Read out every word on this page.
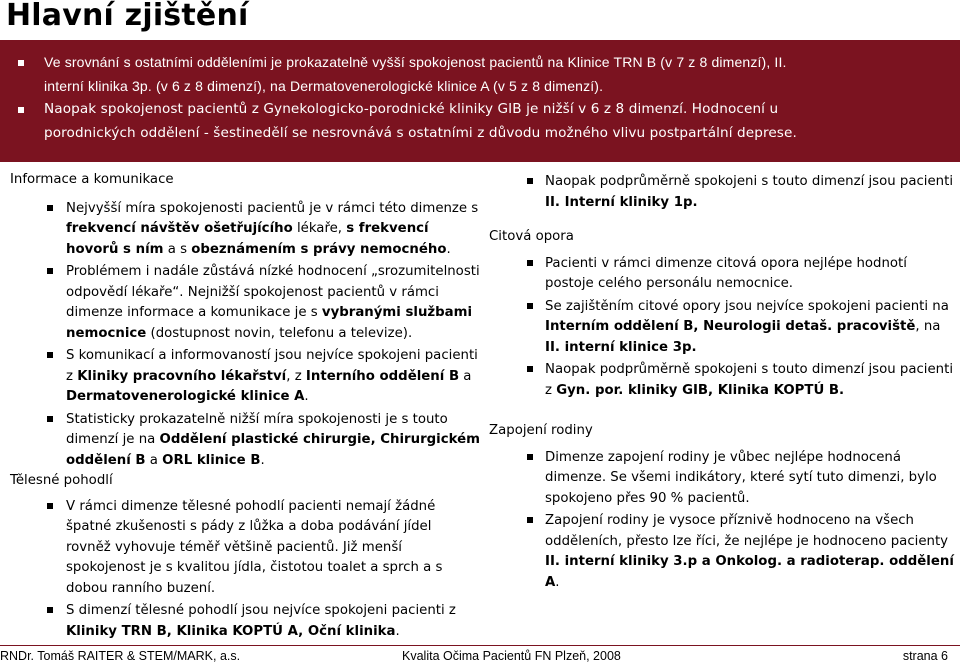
Hlavní zjištění
Ve srovnání s ostatními odděleními je prokazatelně vyšší spokojenost pacientů na Klinice TRN B (v 7 z 8 dimenzí), II.

interní klinika 3p. (v 6 z 8 dimenzí), na Dermatovenerologické klinice A (v 5 z 8 dimenzí).
Naopak spokojenost pacientů z Gynekologicko-porodnické kliniky GIB je nižší v 6 z 8 dimenzí. Hodnocení u

porodnických oddělení - šestinedělí se nesrovnává s ostatními z důvodu možného vlivu postpartální deprese.
Informace a komunikace
Nejvyšší míra spokojenosti pacientů je v rámci této dimenze s frekvencí návštěv ošetřujícího lékaře, s frekvencí hovorů s ním a s obeznámením s právy nemocného.
Problémem i nadále zůstává nízké hodnocení „srozumitelnosti odpovědí lékaře“. Nejnižší spokojenost pacientů v rámci dimenze informace a komunikace je s vybranými službami nemocnice (dostupnost novin, telefonu a televize).
S komunikací a informovaností jsou nejvíce spokojeni pacienti z Kliniky pracovního lékařství, z Interního oddělení B a Dermatovenerologické klinice A.
Statisticky prokazatelně nižší míra spokojenosti je s touto dimenzí je na Oddělení plastické chirurgie, Chirurgickém oddělení B a ORL klinice B.
Tělesné pohodlí
V rámci dimenze tělesné pohodlí pacienti nemají žádné špatné zkušenosti s pády z lůžka a doba podávání jídel rovněž vyhovuje téměř většině pacientů. Již menší spokojenost je s kvalitou jídla, čistotou toalet a sprch a s dobou ranního buzení.
S dimenzí tělesné pohodlí jsou nejvíce spokojeni pacienti z Kliniky TRN B, Klinika KOPTÚ A, Oční klinika.
Naopak podprůměrně spokojeni s touto dimenzí jsou pacienti II. Interní kliniky 1p.
Citová opora
Pacienti v rámci dimenze citová opora nejlépe hodnotí postoje celého personálu nemocnice.
Se zajištěním citové opory jsou nejvíce spokojeni pacienti na Interním oddělení B, Neurologii detaš. pracoviště, na II. interní klinice 3p.
Naopak podprůměrně spokojeni s touto dimenzí jsou pacienti z Gyn. por. kliniky GIB, Klinika KOPTÚ B.
Zapojení rodiny
Dimenze zapojení rodiny je vůbec nejlépe hodnocená dimenze. Se všemi indikátory, které sytí tuto dimenzi, bylo spokojeno přes 90 % pacientů.
Zapojení rodiny je vysoce příznivě hodnoceno na všech odděleních, přesto lze říci, že nejlépe je hodnoceno pacienty II. interní kliniky 3.p a Onkolog. a radioterap. oddělení A.
RNDr. Tomáš RAITER & STEM/MARK, a.s.	Kvalita Očima Pacientů FN Plzeň, 2008	strana 6
